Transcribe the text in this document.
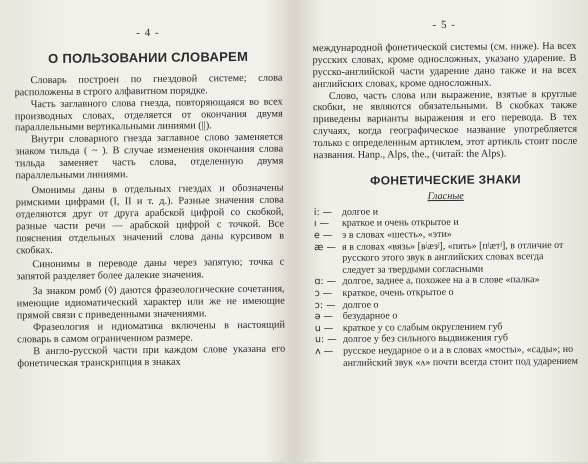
- 4 -
О ПОЛЬЗОВАНИИ СЛОВАРЕМ

Словарь построен по гнездовой системе; слова расположены в строго алфавитном порядке.

Часть заглавного слова гнезда, повторяющаяся во всех производных словах, отделяется от окончания двумя параллельными вертикальными линиями (||).

Внутри словарного гнезда заглавное слово заменяется знаком тильда ( ~ ). В случае изменения окончания слова тильда заменяет часть слова, отделенную двумя параллельными линиями.

Омонимы даны в отдельных гнездах и обозначены римскими цифрами (I, II и т. д.). Разные значения слова отделяются друг от друга арабской цифрой со скобкой, разные части речи — арабской цифрой с точкой. Все пояснения отдельных значений слова даны курсивом в скобках.

Синонимы в переводе даны через запятую; точка с запятой разделяет более далекие значения.

За знаком ромб (◊) даются фразеологические сочетания, имеющие идиоматический характер или же не имеющие прямой связи с приведенными значениями.

Фразеология и идиоматика включены в настоящий словарь в самом ограниченном размере.

В англо-русской части при каждом слове указана его фонетическая транскрипция в знаках

- 5 -

международной фонетической системы (см. ниже). На всех русских словах, кроме односложных, указано ударение. В русско-английской части ударение дано также и на всех английских словах, кроме односложных.

Слово, часть слова или выражение, взятые в круглые скобки, не являются обязательными. В скобках также приведены варианты выражения и его перевода. В тех случаях, когда географическое название употребляется только с определенным артиклем, этот артикль стоит после названия. Hanp., Alps, the., (читай: the Alps).

ФОНЕТИЧЕСКИЕ ЗНАКИ
Гласные
i: — долгое и
ı —	краткое и очень открытое и
e — э в словах «шесть», «эти»
æ — я в словах «вязь» [вʲæзʲ], «пять» [пʲæтʲ], в отличие от русского этого звук в английских словах всегда следует за твердыми согласными
ɑ: — долгое, заднее а, похожее на а в слове «палка»
ɔ —	краткое, очень открытое о
ɔ: — долгое о
ə — безударное о
u — краткое у со слабым округлением губ
u: — долгое у без сильного выдвижения губ
ʌ — русское неударное о и а в словах «мосты», «сады»; но английский звук «ʌ» почти всегда стоит под ударением
